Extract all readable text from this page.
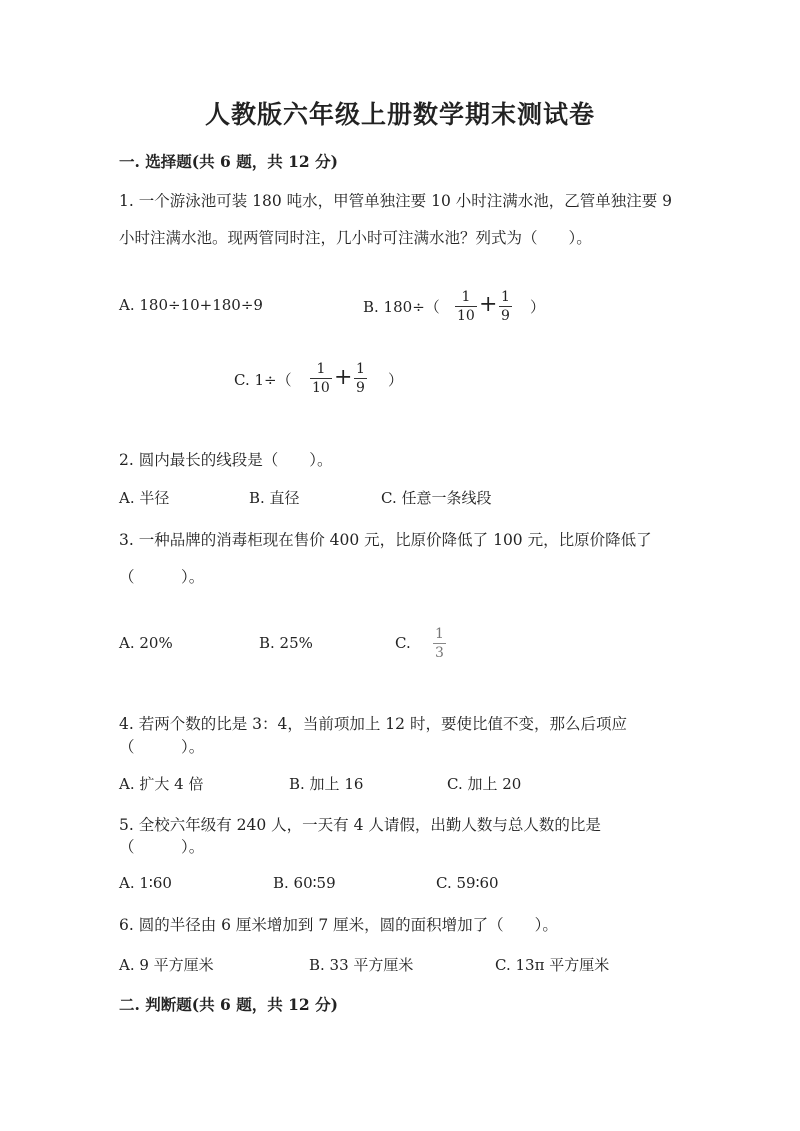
人教版六年级上册数学期末测试卷
一. 选择题(共 6 题，共 12 分)
1. 一个游泳池可装 180 吨水，甲管单独注要 10 小时注满水池，乙管单独注要 9
小时注满水池。现两管同时注，几小时可注满水池？列式为（　　）。
A. 180÷10+180÷9	B. 180÷（
1
10 + 1
9 ）
C. 1÷（
1
10 + 1
9 ）
2. 圆内最长的线段是（　　）。
A. 半径	B. 直径	C. 任意一条线段
3. 一种品牌的消毒柜现在售价 400 元，比原价降低了 100 元，比原价降低了
（　　　）。
A. 20%	B. 25%	C. 1
3
4. 若两个数的比是 3：4，当前项加上 12 时，要使比值不变，那么后项应
（　　　）。
A. 扩大 4 倍	B. 加上 16	C. 加上 20
5. 全校六年级有 240 人，一天有 4 人请假，出勤人数与总人数的比是
（　　　）。
A. 1∶60	B. 60∶59	C. 59∶60
6. 圆的半径由 6 厘米增加到 7 厘米，圆的面积增加了（　　）。
A. 9 平方厘米	B. 33 平方厘米	C. 13π 平方厘米
二. 判断题(共 6 题，共 12 分)
